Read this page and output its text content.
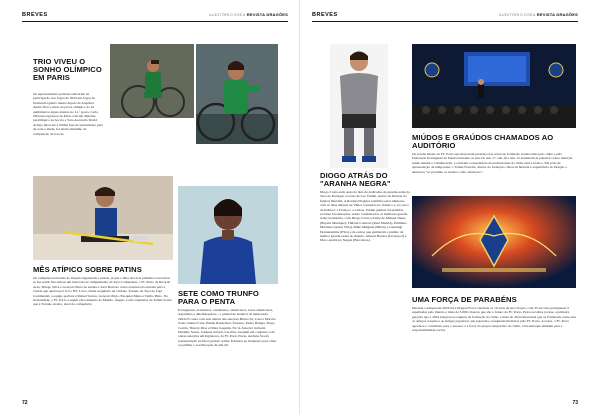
BREVES	AUDITÓRIO ESEA REVISTA DRAGÕES
TRIO VIVEU O SONHO OLÍMPICO EM PARIS
Os representantes portistas estiveram na participação nos Jogos de 2024 em Jogos da Nomeada Quatro meses depois de Angélica André ficar a meio da prova olímpica da 10 quilómetros águas abertas no 12.º posto, Carla Oliveira regressou de Paris com um diploma paralímpico na boccia e Sara Ascenção David Araújo falou até à última fase de apuramento para de roda e ainda, foi ainda sinónimo de competição de boccia.
MÊS ATÍPICO SOBRE PATINS
Os campeões nacionais do hóquei enganaram a estreia, já que a falta dos dois primeiros encontros se fez sentir. Encontrou um intervalo de cumprimento da Taça Continental, o FC Porto de Ricardo Ares, Thiago Silva e Gonçalo Pinto na estreia e Xavi Barroso como aventura da entrada para a vitória que ajudou por 6-5 o HC Liceo, numa sequência de vitórias. Torneio de Taça de Liga Continental, a equipa portista é Rafael Santos, Gonçalo Pinto, Ezequiel Mena e Telmo Pinto. Na modalidade, o FC Porto a seguir em Campeão do Mundo, Ângelo e em conquistas de Tomás Sousa que é Torneio Aveiro, sinal de competição.
SETE COMO TRUNFO PARA O PENTA
Portugueses, brasileiros, canadianos, americanos, norte-americanos, argentinos e dinamarqueses - o plantel de andebol da temporada 2024/25 conta com sete atletas das seleções Bruno Sá, Casa e Marcão Solas, Daniel Cruz, Emma Raedecker, Tanouso, Pedro Balaga, Tiago Corrêa, Thierry Dias e Dinis Joaquim. Na 'A-Seleção' incluem Danielle Sousa, Johanna Jebach, Caroline Joaquim em conjunto com outras seleções em Inglaterra, da FC Porto Norte, Andreia Sá em representação na final portista acima. Estamos no momento para olhar e partilhar o seu Europeu de sub-20.
72
BREVES	AUDITÓRIO ESEA REVISTA DRAGÕES
DIOGO ATRÁS DO "ARANHA NEGRA"
Diogo Costa anda atrás da lista de dedicados de guarda-redes da Taça de Portugal, ao lado de Lev Yashin, eterno da história do futebol mundial. A Revista Dragões relembra estes números, com as duas defesas de Viktor Gyökeres no clássico e, no cerco de Peñarol, a França e o Lisboa. Yashin ganhou 34 prémios, recebeu 6 nomeações, sendo considerados os melhores guarda-redes da história, com Diogo Costa à frente de Manuel Neuer (Bayern Munique), Thibaut Courtois (Real Madrid), Emiliano Martínez (Aston Villa), Mike Maignan (Milan) e Gianluigi Donnarumma (PSG) e de outros que ganharam o prémio de melhor guarda-redes do mundo: Alisson Becker (Liverpool) e Marc-André ter Stegen (Barcelona).
MIÚDOS E GRAÚDOS CHAMADOS AO AUDITÓRIO
Os jovens atletas do FC Porto que marcaram presença nas ações de formação promovidas pelo clube e pela Federação Portuguesa de Futebol durante os sub-19, sub-17, sub-16 e sub-15 assistiram às palestras sobre nutrição, saúde mental e comunicação, e ouviram a experiência de profissionais do clube azul e branco. Em jeito de apresentação da temporada, o Tomás Ferreira, diretor da formação, falou da história e experiência do Dragão e anunciou "ao próximo os treinos como um marco".
UMA FORÇA DE PARABÉNS
Durante a temporada 2023/24 a Dragon Force celebrou os 10 anos da sua criação, com 35 escolas portuguesas 5 espalhadas pelo mundo e mais de 5.000 crianças que são o futuro do FC Porto. Pelos escalões jovens, a primeira geração que a 2024 integrou as equipas de formação do clube, e mais de 40 profissionais que os formaram, entre eles os antigos craques e as antigas jogadoras que jogaram e conquistaram títulos pelo FC Porto. A todos, o FC Porto agradece o contributo para o sucesso e a força do projeto desportivo do clube, com destaque também para a responsabilidade social.
73
